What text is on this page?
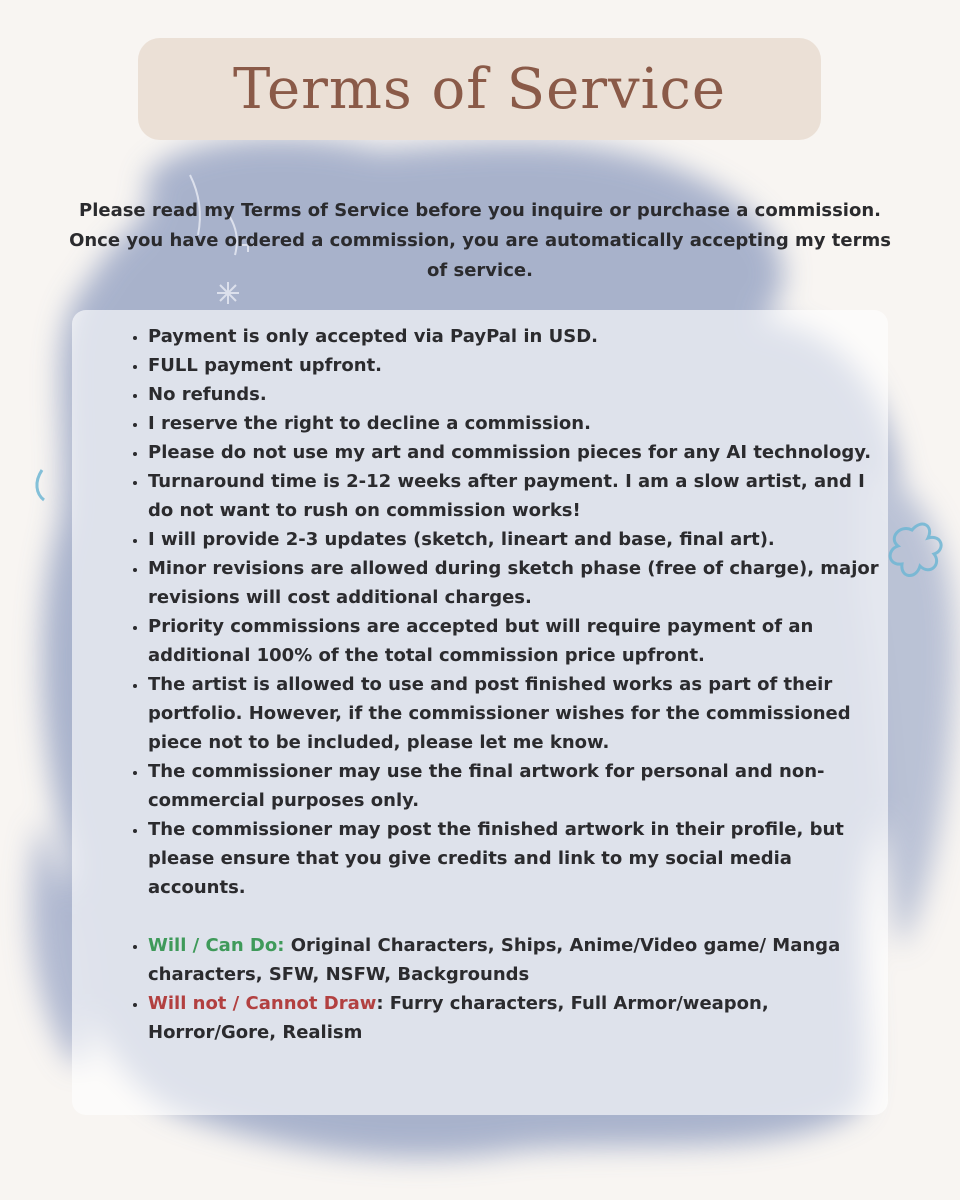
Terms of Service
Please read my Terms of Service before you inquire or purchase a commission. Once you have ordered a commission, you are automatically accepting my terms of service.
• Payment is only accepted via PayPal in USD.
• FULL payment upfront.
• No refunds.
• I reserve the right to decline a commission.
• Please do not use my art and commission pieces for any AI technology.
• Turnaround time is 2-12 weeks after payment. I am a slow artist, and I do not want to rush on commission works!
• I will provide 2-3 updates (sketch, lineart and base, final art).
• Minor revisions are allowed during sketch phase (free of charge), major revisions will cost additional charges.
• Priority commissions are accepted but will require payment of an additional 100% of the total commission price upfront.
• The artist is allowed to use and post finished works as part of their portfolio. However, if the commissioner wishes for the commissioned piece not to be included, please let me know.
• The commissioner may use the final artwork for personal and non-commercial purposes only.
• The commissioner may post the finished artwork in their profile, but please ensure that you give credits and link to my social media accounts.
• Will / Can Do: Original Characters, Ships, Anime/Video game/ Manga characters, SFW, NSFW, Backgrounds
• Will not / Cannot Draw: Furry characters, Full Armor/weapon, Horror/Gore, Realism
